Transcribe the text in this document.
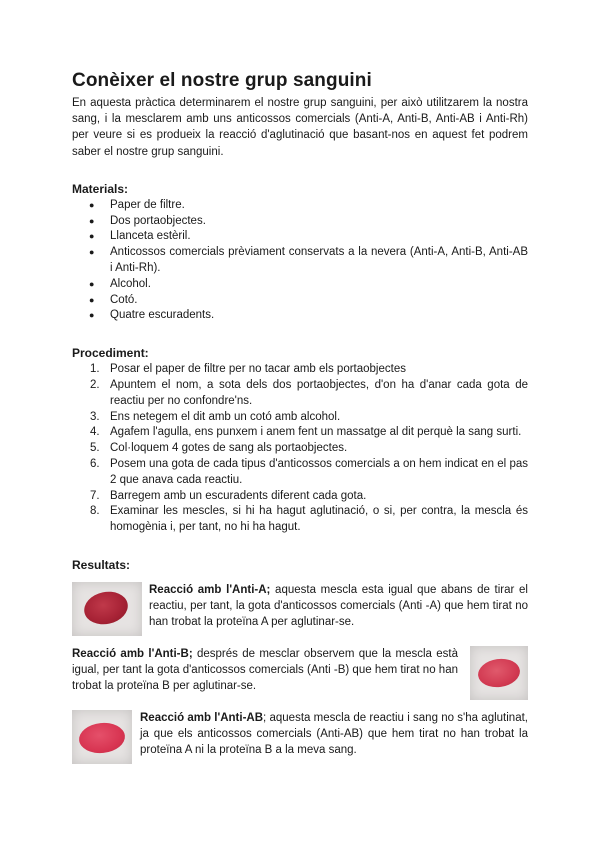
Conèixer el nostre grup sanguini

En aquesta pràctica determinarem el nostre grup sanguini, per això utilitzarem la nostra sang, i la mesclarem amb uns anticossos comercials (Anti-A, Anti-B, Anti-AB i Anti-Rh) per veure si es produeix la reacció d'aglutinació que basant-nos en aquest fet podrem saber el nostre grup sanguini.

Materials:
● Paper de filtre.
● Dos portaobjectes.
● Llanceta estèril.
● Anticossos comercials prèviament conservats a la nevera (Anti-A, Anti-B, Anti-AB i Anti-Rh).
● Alcohol.
● Cotó.
● Quatre escuradents.
Procediment:
1. Posar el paper de filtre per no tacar amb els portaobjectes
2. Apuntem el nom, a sota dels dos portaobjectes, d'on ha d'anar cada gota de reactiu per no confondre'ns.
3. Ens netegem el dit amb un cotó amb alcohol.
4. Agafem l'agulla, ens punxem i anem fent un massatge al dit perquè la sang surti.
5. Col·loquem 4 gotes de sang als portaobjectes.
6. Posem una gota de cada tipus d'anticossos comercials a on hem indicat en el pas 2 que anava cada reactiu.
7. Barregem amb un escuradents diferent cada gota.
8. Examinar les mescles, si hi ha hagut aglutinació, o si, per contra, la mescla és homogènia i, per tant, no hi ha hagut.
Resultats:
Reacció amb l'Anti-A; aquesta mescla esta igual que abans de tirar el reactiu, per tant, la gota d'anticossos comercials (Anti -A) que hem tirat no han trobat la proteïna A per aglutinar-se.
Reacció amb l'Anti-B; després de mesclar observem que la mescla està igual, per tant la gota d'anticossos comercials (Anti -B) que hem tirat no han trobat la proteïna B per aglutinar-se.
Reacció amb l'Anti-AB; aquesta mescla de reactiu i sang no s'ha aglutinat, ja que els anticossos comercials (Anti-AB) que hem tirat no han trobat la proteïna A ni la proteïna B a la meva sang.
